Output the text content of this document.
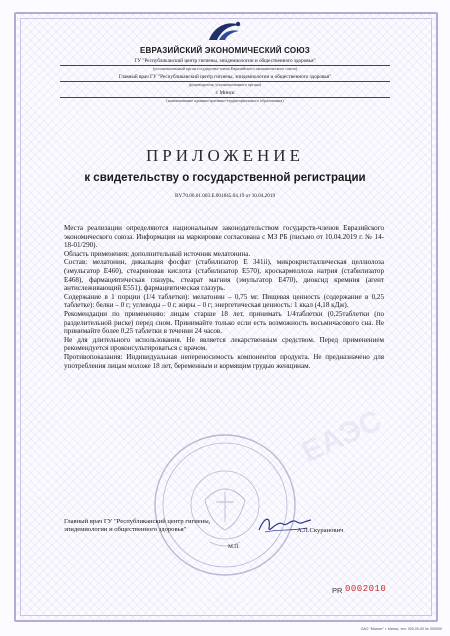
ЕАЭС
ЕВРАЗИЙСКИЙ ЭКОНОМИЧЕСКИЙ СОЮЗ
ГУ "Республиканский центр гигиены, эпидемиологии и общественного здоровья"
(уполномоченный орган государства-члена Евразийского экономического союза)
Главный врач ГУ "Республиканский центр гигиены, эпидемиологии и общественного здоровья"
(руководитель уполномоченного органа)
г. Минск
(наименование административно-территориального образования)
ПРИЛОЖЕНИЕ
к свидетельству о государственной регистрации
BY.70.06.01.003.E.001845.04.19 от 10.04.2019

Места реализации определяются национальным законодательством государств-членов Евразийского экономического союза. Информация на маркировке согласована с МЗ РБ (письмо от 10.04.2019 г. № 14-18-01/290).

Область применения: дополнительный источник мелатонина.

Состав: мелатонин, дикальция фосфат (стабилизатор Е 341ii), микрокристаллическая целлюлоза (эмульгатор Е460), стеариновая кислота (стабилизатор Е570), кроскармеллоза натрия (стабилизатор Е468), фармацевтическая глазурь, стеарат магния (эмульгатор Е470), диоксид кремния (агент антислеживающий Е551), фармацевтическая глазурь.

Содержание в 1 порции (1/4 таблетки): мелатонин – 0,75 мг. Пищевая ценность (содержание в 0,25 таблетке): белки – 0 г; углеводы – 0 г, жиры – 0 г; энергетическая ценность: 1 ккал (4,18 кДж).

Рекомендации по применению: лицам старше 18 лет, принимать 1/4таблетки (0,25таблетки (по разделительной риске) перед сном. Принимайте только если есть возможность восьмичасового сна. Не принимайте более 0,25 таблетки в течении 24 часов.

Не для длительного использования. Не является лекарственным средством. Перед применением рекомендуется проконсультироваться с врачом.

Противопоказания: Индивидуальная непереносимость компонентов продукта. Не предназначено для употребления лицам моложе 18 лет, беременным и кормящим грудью женщинам.

Главный врач ГУ "Республиканский центр гигиены, эпидемиологии и общественного здоровья"	А.Л.Скуранович
М.П.
PR 0002010
ОАО "Магнит" г. Минск, тел. 000-00-00 № 000000
